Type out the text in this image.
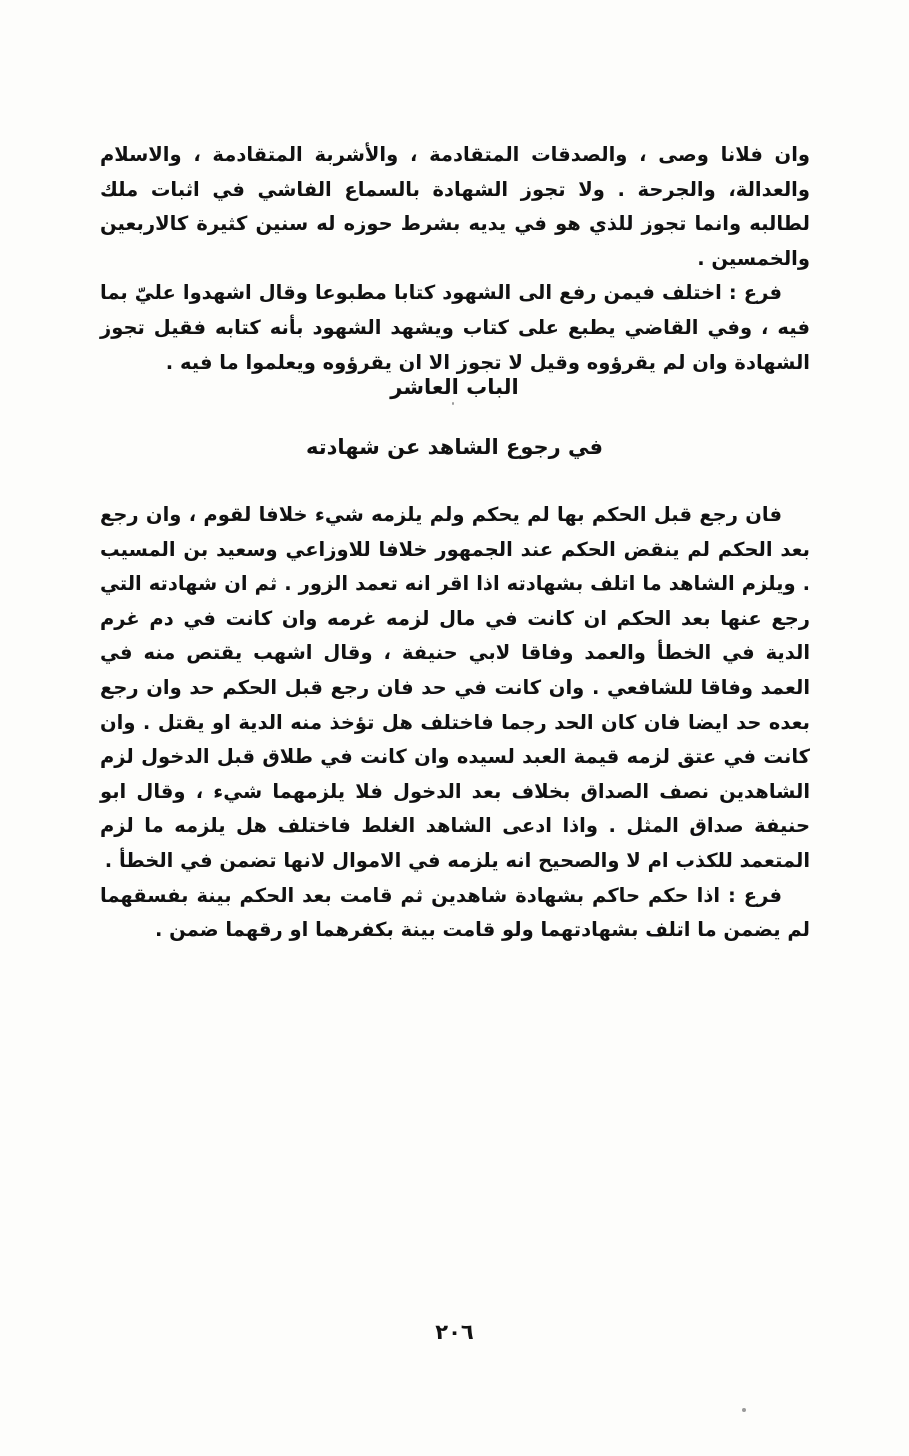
وان فلانا وصى ، والصدقات المتقادمة ، والأشربة المتقادمة ، والاسلام والعدالة، والجرحة . ولا تجوز الشهادة بالسماع الفاشي في اثبات ملك لطالبه وانما تجوز للذي هو في يديه بشرط حوزه له سنين كثيرة كالاربعين والخمسين .

فرع : اختلف فيمن رفع الى الشهود كتابا مطبوعا وقال اشهدوا عليّ بما فيه ، وفي القاضي يطبع على كتاب ويشهد الشهود بأنه كتابه فقيل تجوز الشهادة وان لم يقرؤوه وقيل لا تجوز الا ان يقرؤوه ويعلموا ما فيه .

الباب العاشر
في رجوع الشاهد عن شهادته

فان رجع قبل الحكم بها لم يحكم ولم يلزمه شيء خلافا لقوم ، وان رجع بعد الحكم لم ينقض الحكم عند الجمهور خلافا للاوزاعي وسعيد بن المسيب . ويلزم الشاهد ما اتلف بشهادته اذا اقر انه تعمد الزور . ثم ان شهادته التي رجع عنها بعد الحكم ان كانت في مال لزمه غرمه وان كانت في دم غرم الدية في الخطأ والعمد وفاقا لابي حنيفة ، وقال اشهب يقتص منه في العمد وفاقا للشافعي . وان كانت في حد فان رجع قبل الحكم حد وان رجع بعده حد ايضا فان كان الحد رجما فاختلف هل تؤخذ منه الدية او يقتل . وان كانت في عتق لزمه قيمة العبد لسيده وان كانت في طلاق قبل الدخول لزم الشاهدين نصف الصداق بخلاف بعد الدخول فلا يلزمهما شيء ، وقال ابو حنيفة صداق المثل . واذا ادعى الشاهد الغلط فاختلف هل يلزمه ما لزم المتعمد للكذب ام لا والصحيح انه يلزمه في الاموال لانها تضمن في الخطأ .

فرع : اذا حكم حاكم بشهادة شاهدين ثم قامت بعد الحكم بينة بفسقهما لم يضمن ما اتلف بشهادتهما ولو قامت بينة بكفرهما او رقهما ضمن .

٢٠٦
